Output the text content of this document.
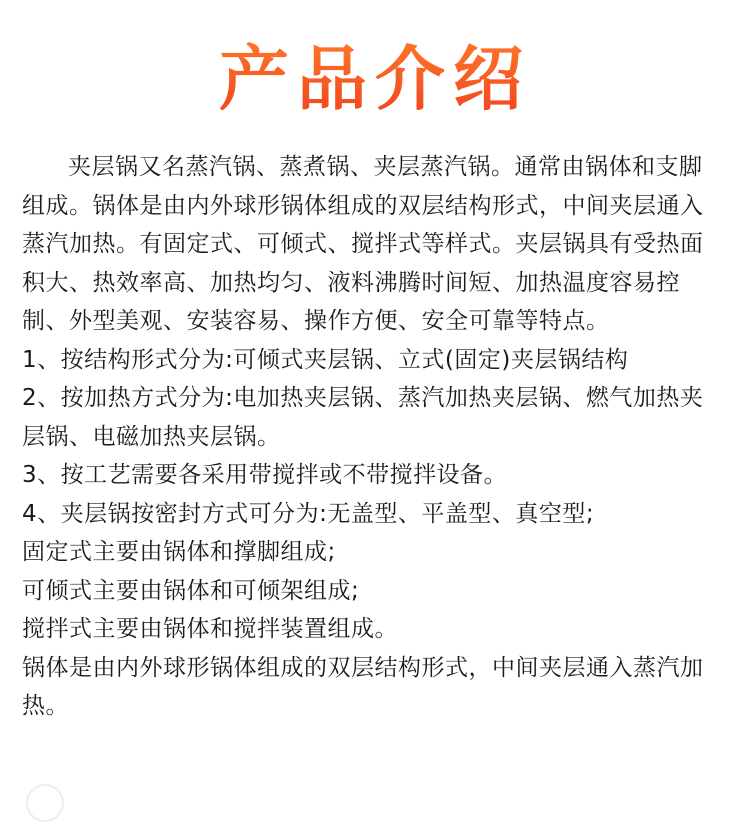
产品介绍

夹层锅又名蒸汽锅、蒸煮锅、夹层蒸汽锅。通常由锅体和支脚组成。锅体是由内外球形锅体组成的双层结构形式，中间夹层通入蒸汽加热。有固定式、可倾式、搅拌式等样式。夹层锅具有受热面积大、热效率高、加热均匀、液料沸腾时间短、加热温度容易控制、外型美观、安装容易、操作方便、安全可靠等特点。

1、按结构形式分为:可倾式夹层锅、立式(固定)夹层锅结构

2、按加热方式分为:电加热夹层锅、蒸汽加热夹层锅、燃气加热夹层锅、电磁加热夹层锅。

3、按工艺需要各采用带搅拌或不带搅拌设备。

4、夹层锅按密封方式可分为:无盖型、平盖型、真空型;

固定式主要由锅体和撑脚组成;

可倾式主要由锅体和可倾架组成;

搅拌式主要由锅体和搅拌装置组成。

锅体是由内外球形锅体组成的双层结构形式，中间夹层通入蒸汽加热。
